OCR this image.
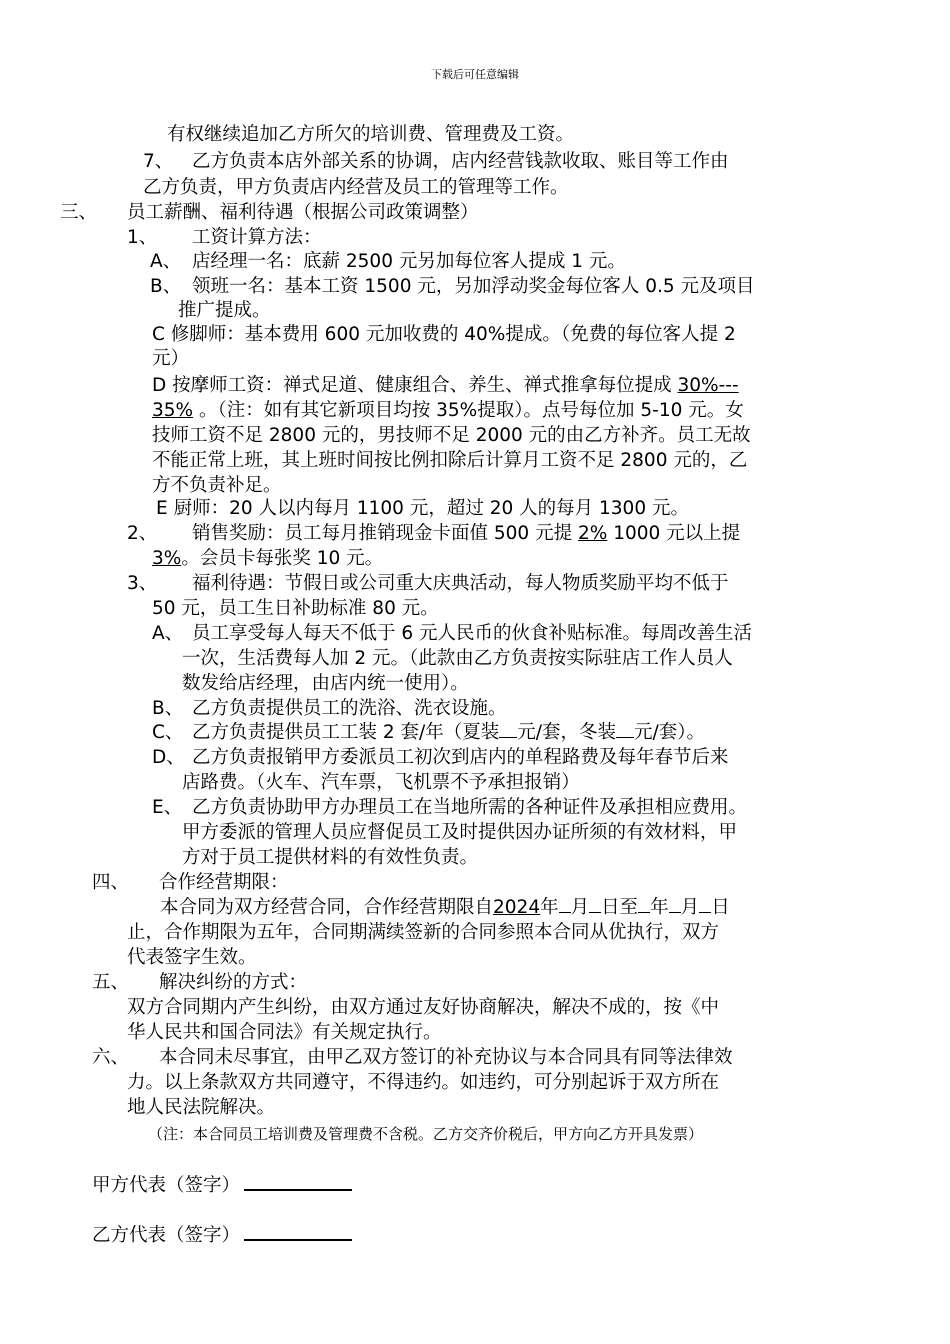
下载后可任意编辑
有权继续追加乙方所欠的培训费、管理费及工资。
7、 乙方负责本店外部关系的协调，店内经营钱款收取、账目等工作由
乙方负责，甲方负责店内经营及员工的管理等工作。
三、 员工薪酬、福利待遇（根据公司政策调整）
1、 工资计算方法：
A、 店经理一名：底薪 2500 元另加每位客人提成 1 元。
B、 领班一名：基本工资 1500 元，另加浮动奖金每位客人 0.5 元及项目
推广提成。
C 修脚师：基本费用 600 元加收费的 40%提成。（免费的每位客人提 2
元）
D 按摩师工资：禅式足道、健康组合、养生、禅式推拿每位提成 30%---
35% 。（注：如有其它新项目均按 35%提取）。点号每位加 5-10 元。女
技师工资不足 2800 元的，男技师不足 2000 元的由乙方补齐。员工无故
不能正常上班，其上班时间按比例扣除后计算月工资不足 2800 元的，乙
方不负责补足。
E 厨师：20 人以内每月 1100 元，超过 20 人的每月 1300 元。
2、 销售奖励：员工每月推销现金卡面值 500 元提 2% 1000 元以上提
3%。会员卡每张奖 10 元。
3、 福利待遇：节假日或公司重大庆典活动，每人物质奖励平均不低于
50 元，员工生日补助标准 80 元。
A、 员工享受每人每天不低于 6 元人民币的伙食补贴标准。每周改善生活
一次，生活费每人加 2 元。（此款由乙方负责按实际驻店工作人员人
数发给店经理，由店内统一使用）。
B、 乙方负责提供员工的洗浴、洗衣设施。
C、 乙方负责提供员工工装 2 套/年（夏装 元/套，冬装 元/套）。
D、 乙方负责报销甲方委派员工初次到店内的单程路费及每年春节后来
店路费。（火车、汽车票，飞机票不予承担报销）
E、 乙方负责协助甲方办理员工在当地所需的各种证件及承担相应费用。
甲方委派的管理人员应督促员工及时提供因办证所须的有效材料，甲
方对于员工提供材料的有效性负责。
四、 合作经营期限：
本合同为双方经营合同，合作经营期限自2024年 月 日至 年 月 日
止，合作期限为五年，合同期满续签新的合同参照本合同从优执行，双方
代表签字生效。
五、 解决纠纷的方式：
双方合同期内产生纠纷，由双方通过友好协商解决，解决不成的，按《中
华人民共和国合同法》有关规定执行。
六、 本合同未尽事宜，由甲乙双方签订的补充协议与本合同具有同等法律效
力。以上条款双方共同遵守，不得违约。如违约，可分别起诉于双方所在
地人民法院解决。
（注：本合同员工培训费及管理费不含税。乙方交齐价税后，甲方向乙方开具发票）
甲方代表（签字）
乙方代表（签字）
